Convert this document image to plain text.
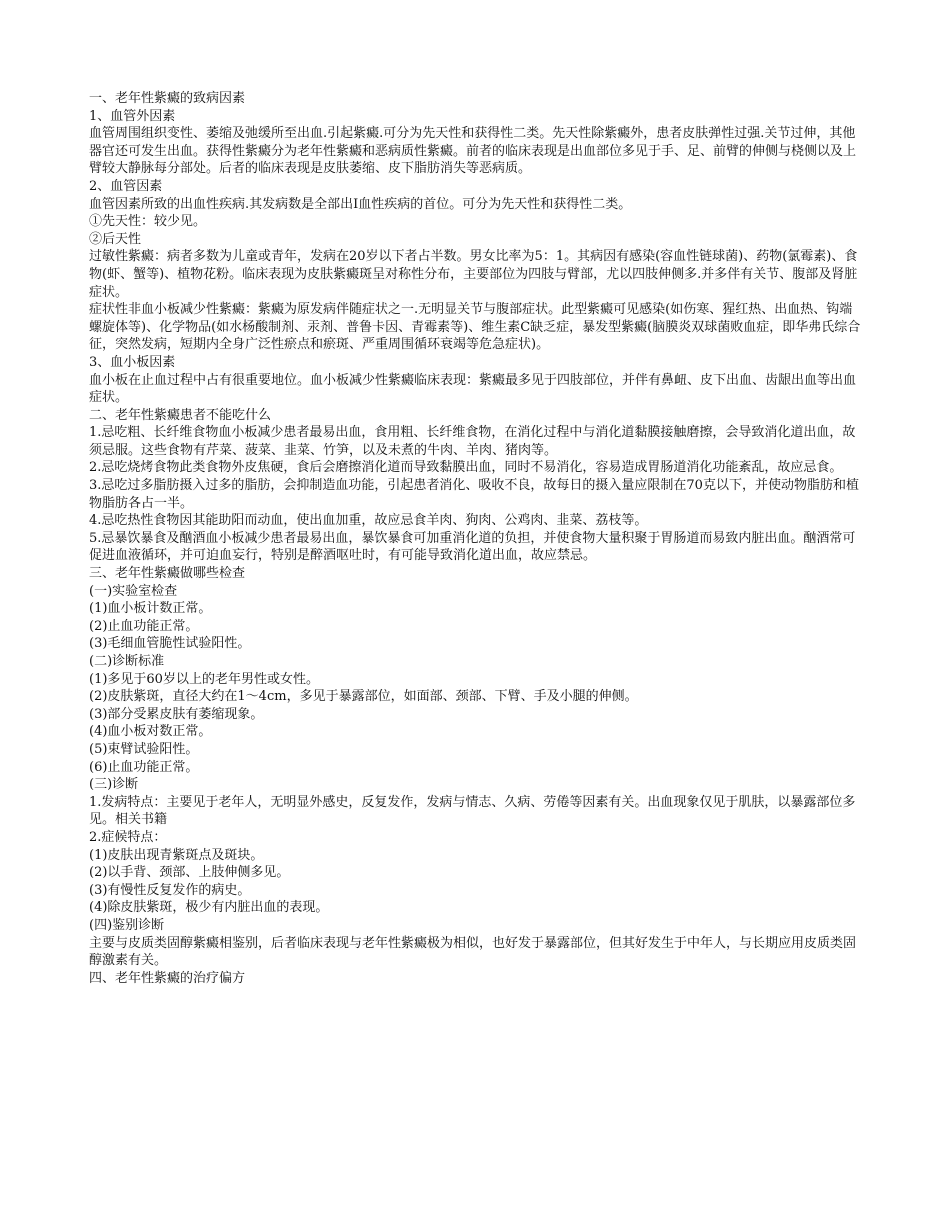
一、老年性紫癜的致病因素
1、血管外因素
血管周围组织变性、萎缩及弛缓所至出血.引起紫癜.可分为先天性和获得性二类。先天性除紫癜外，患者皮肤弹性过强.关节过伸，其他器官还可发生出血。获得性紫癜分为老年性紫癜和恶病质性紫癜。前者的临床表现是出血部位多见于手、足、前臂的伸侧与桡侧以及上臂较大静脉每分部处。后者的临床表现是皮肤萎缩、皮下脂肪消失等恶病质。
2、血管因素
血管因素所致的出血性疾病.其发病数是全部出Ⅰ血性疾病的首位。可分为先天性和获得性二类。
①先天性：较少见。
②后天性
过敏性紫癜：病者多数为儿童或青年，发病在20岁以下者占半数。男女比率为5：1。其病因有感染(容血性链球菌)、药物(氯霉素)、食物(虾、蟹等)、植物花粉。临床表现为皮肤紫癜斑呈对称性分布，主要部位为四肢与臂部，尤以四肢伸侧多.并多伴有关节、腹部及肾脏症状。
症状性非血小板减少性紫癜：紫癜为原发病伴随症状之一.无明显关节与腹部症状。此型紫癜可见感染(如伤寒、猩红热、出血热、钩端螺旋体等)、化学物品(如水杨酸制剂、汞剂、普鲁卡因、青霉素等)、维生素C缺乏症，暴发型紫癜(脑膜炎双球菌败血症，即华弗氏综合征，突然发病，短期内全身广泛性瘀点和瘀斑、严重周围循环衰竭等危急症状)。
3、血小板因素
血小板在止血过程中占有很重要地位。血小板减少性紫癜临床表现：紫癜最多见于四肢部位，并伴有鼻衄、皮下出血、齿龈出血等出血症状。
二、老年性紫癜患者不能吃什么
1.忌吃粗、长纤维食物血小板减少患者最易出血，食用粗、长纤维食物，在消化过程中与消化道黏膜接触磨擦，会导致消化道出血，故须忌服。这些食物有芹菜、菠菜、韭菜、竹笋，以及未煮的牛肉、羊肉、猪肉等。
2.忌吃烧烤食物此类食物外皮焦硬，食后会磨擦消化道而导致黏膜出血，同时不易消化，容易造成胃肠道消化功能紊乱，故应忌食。
3.忌吃过多脂肪摄入过多的脂肪，会抑制造血功能，引起患者消化、吸收不良，故每日的摄入量应限制在70克以下，并使动物脂肪和植物脂肪各占一半。
4.忌吃热性食物因其能助阳而动血，使出血加重，故应忌食羊肉、狗肉、公鸡肉、韭菜、荔枝等。
5.忌暴饮暴食及酗酒血小板减少患者最易出血，暴饮暴食可加重消化道的负担，并使食物大量积聚于胃肠道而易致内脏出血。酗酒常可促进血液循环，并可迫血妄行，特别是醉酒呕吐时，有可能导致消化道出血，故应禁忌。
三、老年性紫癜做哪些检查
(一)实验室检查
(1)血小板计数正常。
(2)止血功能正常。
(3)毛细血管脆性试验阳性。
(二)诊断标准
(1)多见于60岁以上的老年男性或女性。
(2)皮肤紫斑，直径大约在1～4cm，多见于暴露部位，如面部、颈部、下臂、手及小腿的伸侧。
(3)部分受累皮肤有萎缩现象。
(4)血小板对数正常。
(5)束臂试验阳性。
(6)止血功能正常。
(三)诊断
1.发病特点：主要见于老年人，无明显外感史，反复发作，发病与情志、久病、劳倦等因素有关。出血现象仅见于肌肤，以暴露部位多见。相关书籍
2.症候特点：
(1)皮肤出现青紫斑点及斑块。
(2)以手背、颈部、上肢伸侧多见。
(3)有慢性反复发作的病史。
(4)除皮肤紫斑，极少有内脏出血的表现。
(四)鉴别诊断
主要与皮质类固醇紫癜相鉴别，后者临床表现与老年性紫癜极为相似，也好发于暴露部位，但其好发生于中年人，与长期应用皮质类固醇激素有关。
四、老年性紫癜的治疗偏方
